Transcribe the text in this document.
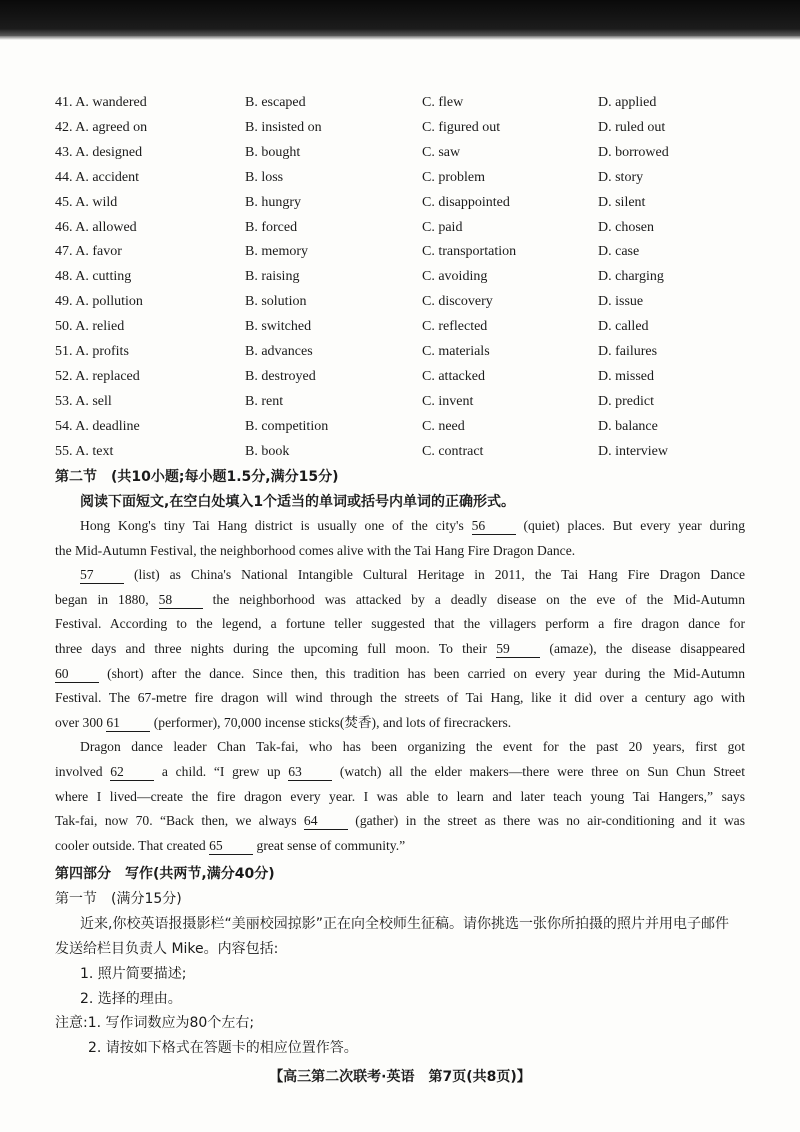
41. A. wandered	B. escaped	C. flew	D. applied
42. A. agreed on	B. insisted on	C. figured out	D. ruled out
43. A. designed	B. bought	C. saw	D. borrowed
44. A. accident	B. loss	C. problem	D. story
45. A. wild	B. hungry	C. disappointed	D. silent
46. A. allowed	B. forced	C. paid	D. chosen
47. A. favor	B. memory	C. transportation	D. case
48. A. cutting	B. raising	C. avoiding	D. charging
49. A. pollution	B. solution	C. discovery	D. issue
50. A. relied	B. switched	C. reflected	D. called
51. A. profits	B. advances	C. materials	D. failures
52. A. replaced	B. destroyed	C. attacked	D. missed
53. A. sell	B. rent	C. invent	D. predict
54. A. deadline	B. competition	C. need	D. balance
55. A. text	B. book	C. contract	D. interview
第二节　(共10小题;每小题1.5分,满分15分)
阅读下面短文,在空白处填入1个适当的单词或括号内单词的正确形式。
Hong Kong's tiny Tai Hang district is usually one of the city's 56 (quiet) places. But every year during
the Mid-Autumn Festival, the neighborhood comes alive with the Tai Hang Fire Dragon Dance.
57 (list) as China's National Intangible Cultural Heritage in 2011, the Tai Hang Fire Dragon Dance
began in 1880, 58 the neighborhood was attacked by a deadly disease on the eve of the Mid-Autumn
Festival. According to the legend, a fortune teller suggested that the villagers perform a fire dragon dance for
three days and three nights during the upcoming full moon. To their 59 (amaze), the disease disappeared
60 (short) after the dance. Since then, this tradition has been carried on every year during the Mid-Autumn
Festival. The 67-metre fire dragon will wind through the streets of Tai Hang, like it did over a century ago with
over 300 61 (performer), 70,000 incense sticks(焚香), and lots of firecrackers.
Dragon dance leader Chan Tak-fai, who has been organizing the event for the past 20 years, first got
involved 62 a child. “I grew up 63 (watch) all the elder makers—there were three on Sun Chun Street
where I lived—create the fire dragon every year. I was able to learn and later teach young Tai Hangers,” says
Tak-fai, now 70. “Back then, we always 64 (gather) in the street as there was no air-conditioning and it was
cooler outside. That created 65 great sense of community.”
第四部分　写作(共两节,满分40分)
第一节　(满分15分)
近来,你校英语报摄影栏“美丽校园掠影”正在向全校师生征稿。请你挑选一张你所拍摄的照片并用电子邮件
发送给栏目负责人 Mike。内容包括:
1. 照片简要描述;
2. 选择的理由。
注意:1. 写作词数应为80个左右;
2. 请按如下格式在答题卡的相应位置作答。
【高三第二次联考·英语　第7页(共8页)】
